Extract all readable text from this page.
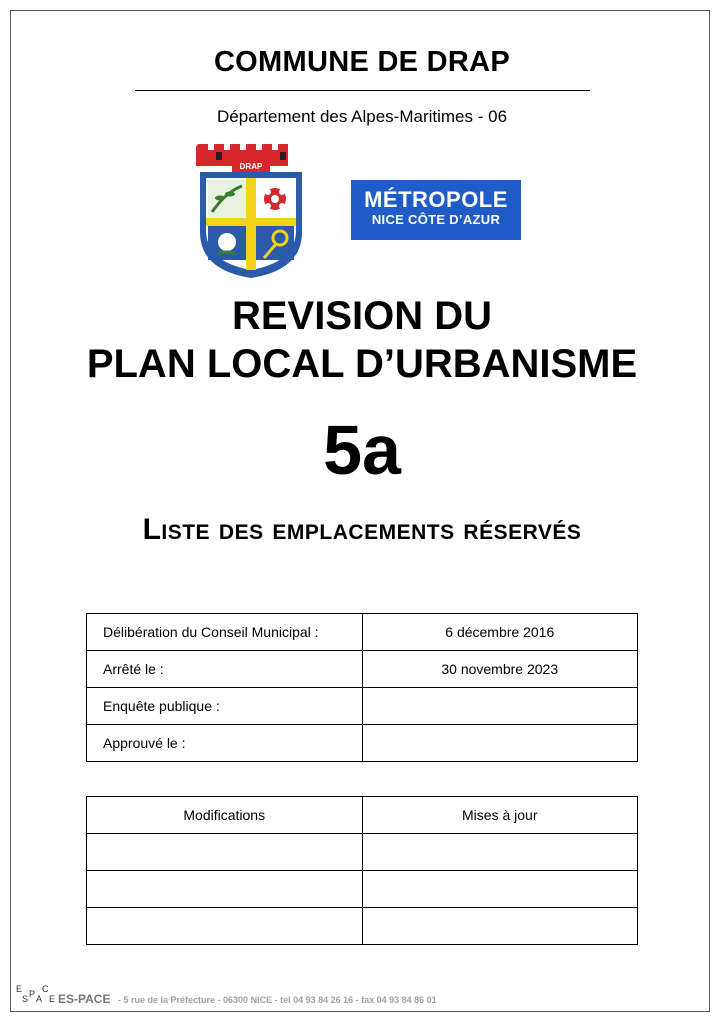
COMMUNE DE DRAP
Département des Alpes-Maritimes - 06
DRAP
MÉTROPOLE
NICE CÔTE D’AZUR
REVISION DU
PLAN LOCAL D’URBANISME
5a
Liste des emplacements réservés
Délibération du Conseil Municipal :	6 décembre 2016
Arrêté le :	30 novembre 2023
Enquête publique :	
Approuvé le :	
Modifications	Mises à jour

E
S P A
C
E ES-PACE - 5 rue de la Préfecture - 06300 NICE - tel 04 93 84 26 16 - fax 04 93 84 86 01
